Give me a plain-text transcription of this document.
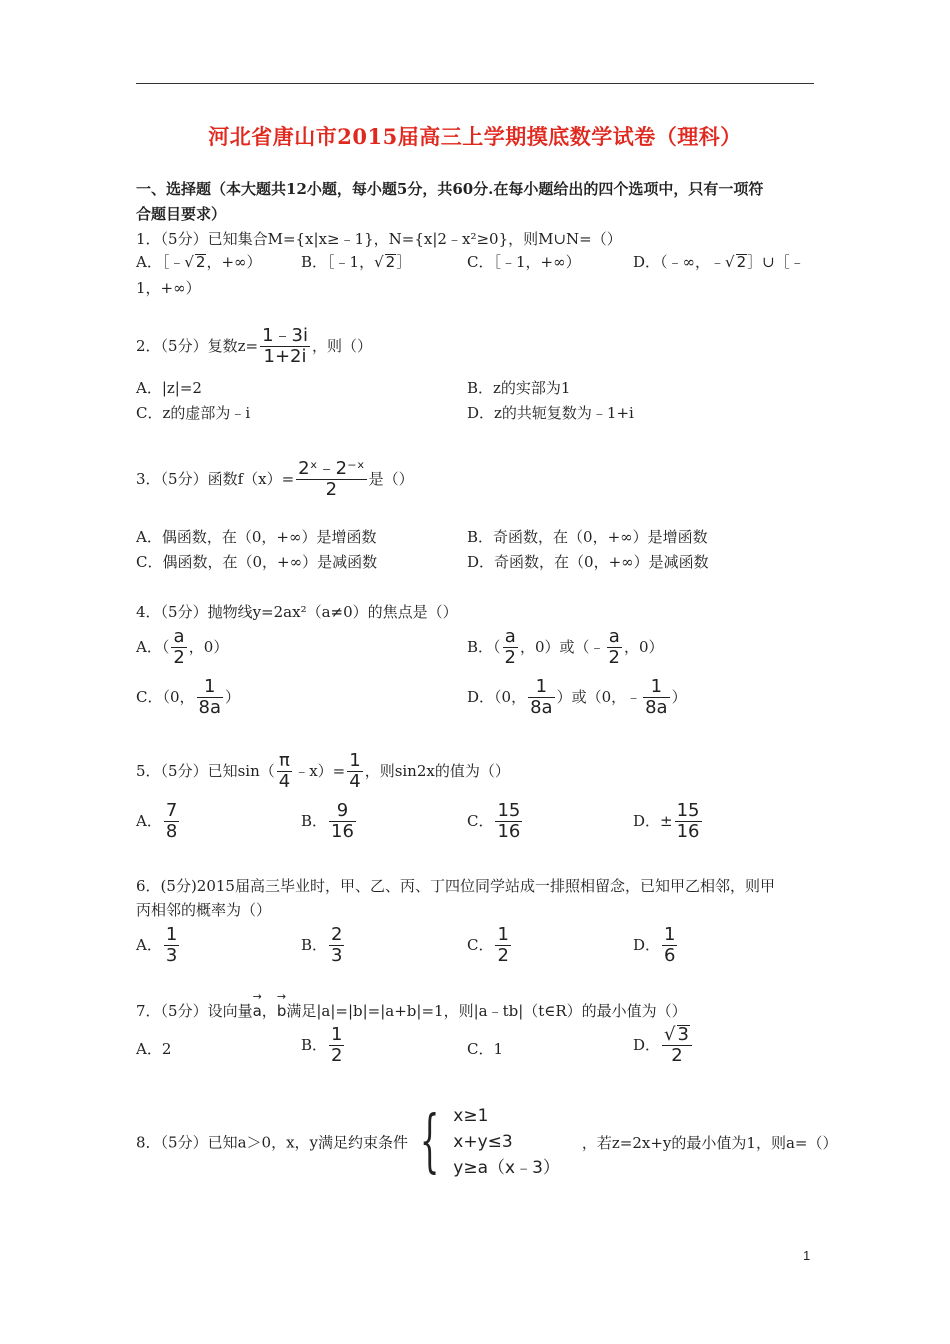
河北省唐山市2015届高三上学期摸底数学试卷（理科）
一、选择题（本大题共12小题，每小题5分，共60分.在每小题给出的四个选项中，只有一项符
合题目要求）
1．（5分）已知集合M={x|x≥﹣1}，N={x|2﹣x²≥0}，则M∪N=（）
A．［﹣√ 2，+∞）	B．［﹣1，√ 2］	C．［﹣1，+∞）	D．（﹣∞，﹣√ 2］∪［﹣
1，+∞）
2．（5分）复数$z= \frac{1﹣3i}{1+2i}$ ，则（）
A．|z|=2	B．z的实部为1
C．z的虚部为﹣i	D．z的共轭复数为﹣1+i
3．（5分）函数$f(x)= \frac{\text{2ˣ﹣2⁻ˣ}}{2}$ 是（）
A．偶函数，在（0，+∞）是增函数	B．奇函数，在（0，+∞）是增函数
C．偶函数，在（0，+∞）是减函数	D．奇函数，在（0，+∞）是减函数
4．（5分）抛物线y=2ax²（a≠0）的焦点是（）
A．（ $\frac{a}{2}$ ，0）	B．（ $\frac{a}{2}$ ，0）或（﹣ $\frac{a}{2}$ ，0）
C．（0， $\frac{1}{8a}$ ）	D．（0， $\frac{1}{8a}$ ）或（0，﹣ $\frac{1}{8a}$ ）
5．（5分）已知$\sin( \frac{\pi}{4}$ ﹣x）= $\frac{1}{4}$ ，则sin2x的值为（）
A． $\frac{7}{8}$	B． $\frac{9}{16}$	C． $\frac{15}{16}$	D．± $\frac{15}{16}$
6．(5分)2015届高三毕业时，甲、乙、丙、丁四位同学站成一排照相留念，已知甲乙相邻，则甲
丙相邻的概率为（）
A． $\frac{1}{3}$	B． $\frac{2}{3}$	C． $\frac{1}{2}$	D． $\frac{1}{6}$
7．（5分）设向量→ a，→ b满足|a|=|b|=|a+b|=1，则|a﹣tb|（t∈R）的最小值为（）
A．2	B． $\frac{1}{2}$	C．1	D． $\frac{√ 3}{2}$
8．（5分）已知a＞0，x，y满足约束条件 { x≥1
x+y≤3
y≥a（x﹣3）
，若z=2x+y的最小值为1，则a=（）
1
